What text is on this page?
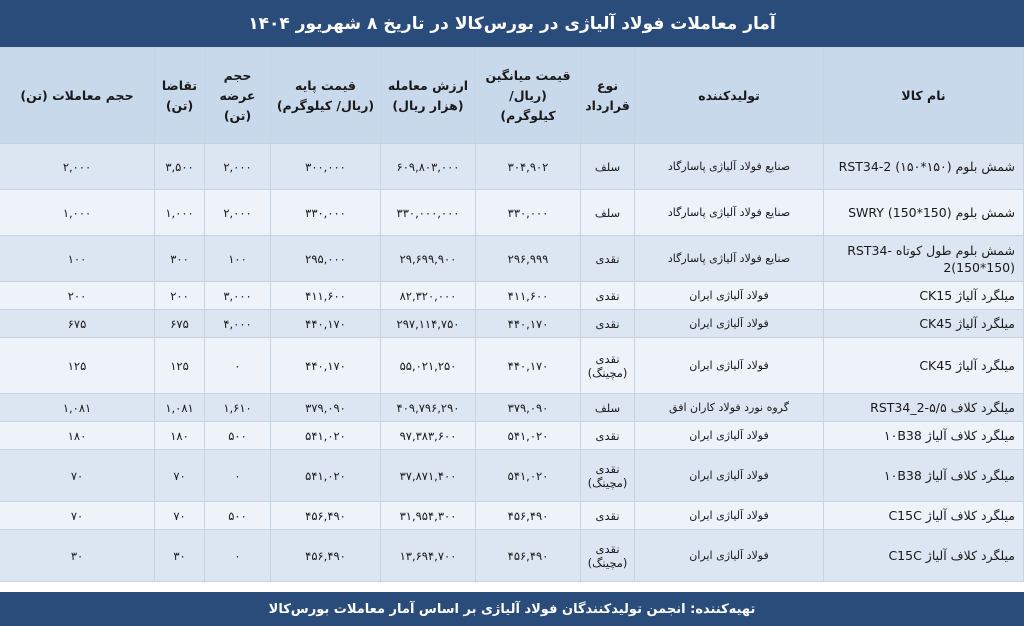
آمار معاملات فولاد آلیاژی در بورس‌کالا در تاریخ ۸ شهریور ۱۴۰۴
نام کالا	تولیدکننده	نوع قرارداد	قیمت میانگین (ریال/ کیلوگرم)	ارزش معامله (هزار ریال)	قیمت پایه (ریال/ کیلوگرم)	حجم عرضه (تن)	تقاضا (تن)	حجم معاملات (تن)
شمش بلوم (۱۵۰*۱۵۰) RST34-2	صنایع فولاد آلیاژی پاسارگاد	سلف	۳۰۴,۹۰۲	۶۰۹,۸۰۳,۰۰۰	۳۰۰,۰۰۰	۲,۰۰۰	۳,۵۰۰	۲,۰۰۰
شمش بلوم (150*150) SWRY	صنایع فولاد آلیاژی پاسارگاد	سلف	۳۳۰,۰۰۰	۳۳۰,۰۰۰,۰۰۰	۳۳۰,۰۰۰	۲,۰۰۰	۱,۰۰۰	۱,۰۰۰
شمش بلوم طول کوتاه RST34-2(150*150)	صنایع فولاد آلیاژی پاسارگاد	نقدی	۲۹۶,۹۹۹	۲۹,۶۹۹,۹۰۰	۲۹۵,۰۰۰	۱۰۰	۳۰۰	۱۰۰
میلگرد آلیاژ CK15	فولاد آلیاژی ایران	نقدی	۴۱۱,۶۰۰	۸۲,۳۲۰,۰۰۰	۴۱۱,۶۰۰	۳,۰۰۰	۲۰۰	۲۰۰
میلگرد آلیاژ CK45	فولاد آلیاژی ایران	نقدی	۴۴۰,۱۷۰	۲۹۷,۱۱۴,۷۵۰	۴۴۰,۱۷۰	۴,۰۰۰	۶۷۵	۶۷۵
میلگرد آلیاژ CK45	فولاد آلیاژی ایران	نقدی (مچینگ)	۴۴۰,۱۷۰	۵۵,۰۲۱,۲۵۰	۴۴۰,۱۷۰	۰	۱۲۵	۱۲۵
میلگرد کلاف ۵/۵-RST34_2	گروه نورد فولاد کاران افق	سلف	۳۷۹,۰۹۰	۴۰۹,۷۹۶,۲۹۰	۳۷۹,۰۹۰	۱,۶۱۰	۱,۰۸۱	۱,۰۸۱
میلگرد کلاف آلیاژ ۱۰B38	فولاد آلیاژی ایران	نقدی	۵۴۱,۰۲۰	۹۷,۳۸۳,۶۰۰	۵۴۱,۰۲۰	۵۰۰	۱۸۰	۱۸۰
میلگرد کلاف آلیاژ ۱۰B38	فولاد آلیاژی ایران	نقدی (مچینگ)	۵۴۱,۰۲۰	۳۷,۸۷۱,۴۰۰	۵۴۱,۰۲۰	۰	۷۰	۷۰
میلگرد کلاف آلیاژ C15C	فولاد آلیاژی ایران	نقدی	۴۵۶,۴۹۰	۳۱,۹۵۴,۳۰۰	۴۵۶,۴۹۰	۵۰۰	۷۰	۷۰
میلگرد کلاف آلیاژ C15C	فولاد آلیاژی ایران	نقدی (مچینگ)	۴۵۶,۴۹۰	۱۳,۶۹۴,۷۰۰	۴۵۶,۴۹۰	۰	۳۰	۳۰
تهیه‌کننده: انجمن تولیدکنندگان فولاد آلیاژی بر اساس آمار معاملات بورس‌کالا
